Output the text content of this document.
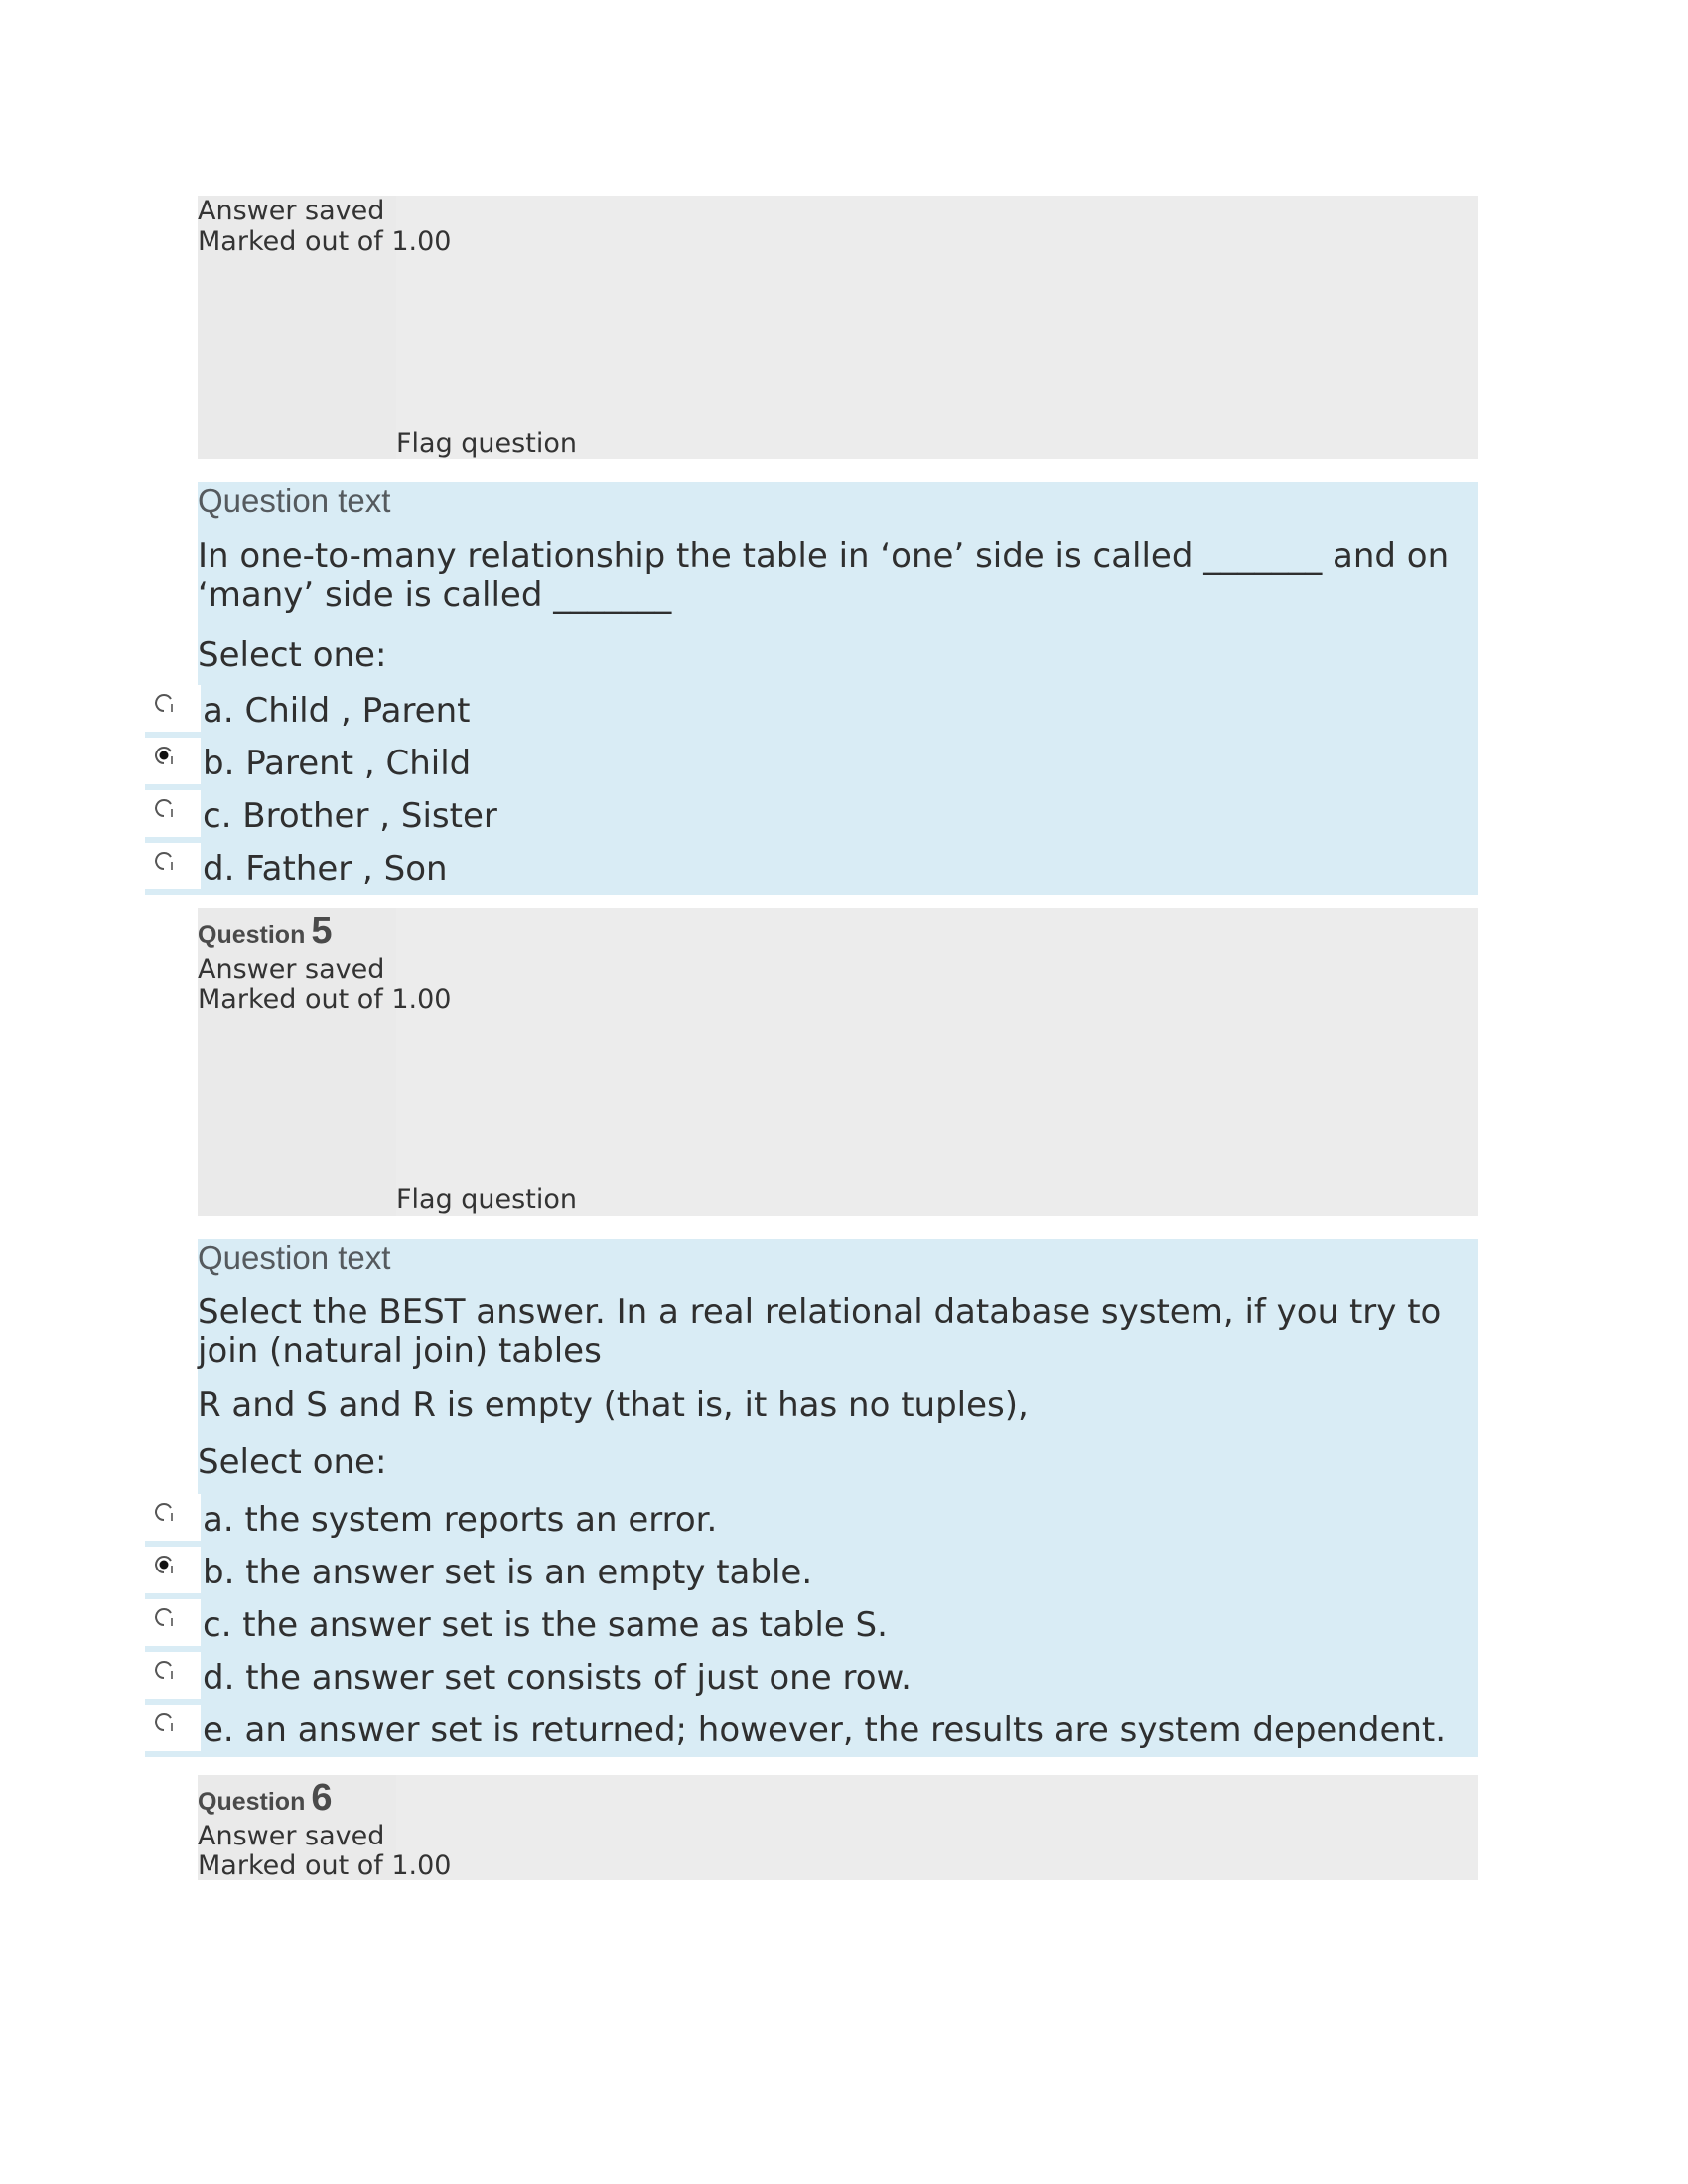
Answer saved
Marked out of 1.00
Flag question
Question text
In one-to-many relationship the table in ‘one’ side is called _______ and on
‘many’ side is called _______
Select one:
a. Child , Parent
b. Parent , Child
c. Brother , Sister
d. Father , Son
Question 5
Answer saved
Marked out of 1.00
Flag question
Question text
Select the BEST answer. In a real relational database system, if you try to
join (natural join) tables
R and S and R is empty (that is, it has no tuples),
Select one:
a. the system reports an error.
b. the answer set is an empty table.
c. the answer set is the same as table S.
d. the answer set consists of just one row.
e. an answer set is returned; however, the results are system dependent.
Question 6
Answer saved
Marked out of 1.00
